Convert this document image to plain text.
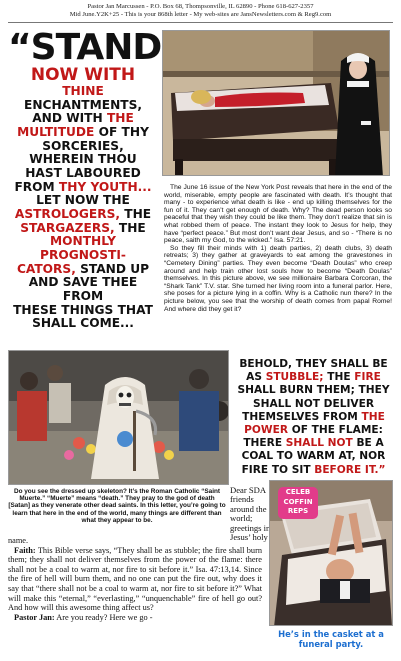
Pastor Jan Marcussen - P.O. Box 68, Thompsonville, IL 62890 - Phone 618-627-2357
Mid June.Y2K+25 - This is your 868th letter - My web-sites are JansNewsletters.com & Reg9.com
“STAND
NOW WITH
THINE
ENCHANTMENTS,
AND WITH THE
MULTITUDE OF THY
SORCERIES,
WHEREIN THOU
HAST LABOURED
FROM THY YOUTH...
LET NOW THE
ASTROLOGERS, THE
STARGAZERS, THE
MONTHLY
PROGNOSTI-
CATORS, STAND UP
AND SAVE THEE FROM
THESE THINGS THAT
SHALL COME...

The June 16 issue of the New York Post reveals that here in the end of the world, miserable, empty people are fascinated with death. It’s thought that many - to experience what death is like - end up killing themselves for the fun of it. They can’t get enough of death. Why? The dead person looks so peaceful that they wish they could be like them. They don’t realize that sin is what robbed them of peace. The instant they look to Jesus for help, they have “perfect peace.” But most don’t want dear Jesus, and so - “There is no peace, saith my God, to the wicked.” Isa. 57:21.

So they fill their minds with 1) death parties, 2) death clubs, 3) death retreats; 3) they gather at graveyards to eat among the gravestones in “Cemetery Dining” parties. They even become “Death Doulas” who creep around and help train other lost souls how to become “Death Doulas” themselves. In this picture above, we see millionaire Barbara Corcoran, the “Shark Tank” T.V. star. She turned her living room into a funeral parlor. Here, she poses for a picture lying in a coffin. Why is a Catholic nun there? In the picture below, you see that the worship of death comes from papal Rome! And where did they get it?

BEHOLD, THEY SHALL BE AS STUBBLE; THE FIRE SHALL BURN THEM; THEY SHALL NOT DELIVER THEMSELVES FROM THE POWER OF THE FLAME: THERE SHALL NOT BE A COAL TO WARM AT, NOR FIRE TO SIT BEFORE IT.”
Do you see the dressed up skeleton? It’s the Roman Catholic “Saint Muerte.” “Muerte” means “death.” They pray to the god of death [Satan] as they venerate other dead saints. In this letter, you’re going to learn that here in the end of the world, many things are different than what they appear to be.
Dear SDA friends around the world; greetings in Jesus’ holy

name.

Faith: This Bible verse says, “They shall be as stubble; the fire shall burn them; they shall not deliver themselves from the power of the flame: there shall not be a coal to warm at, nor fire to sit before it.” Isa. 47:13,14. Since the fire of hell will burn them, and no one can put the fire out, why does it say that “there shall not be a coal to warm at, nor fire to sit before it?” What will make this “eternal,” “everlasting,” “unquenchable” fire of hell go out? And how will this awesome thing affect us?

Pastor Jan: Are you ready? Here we go -

CELEB
COFFIN
REPS
He’s in the casket at a funeral party.
